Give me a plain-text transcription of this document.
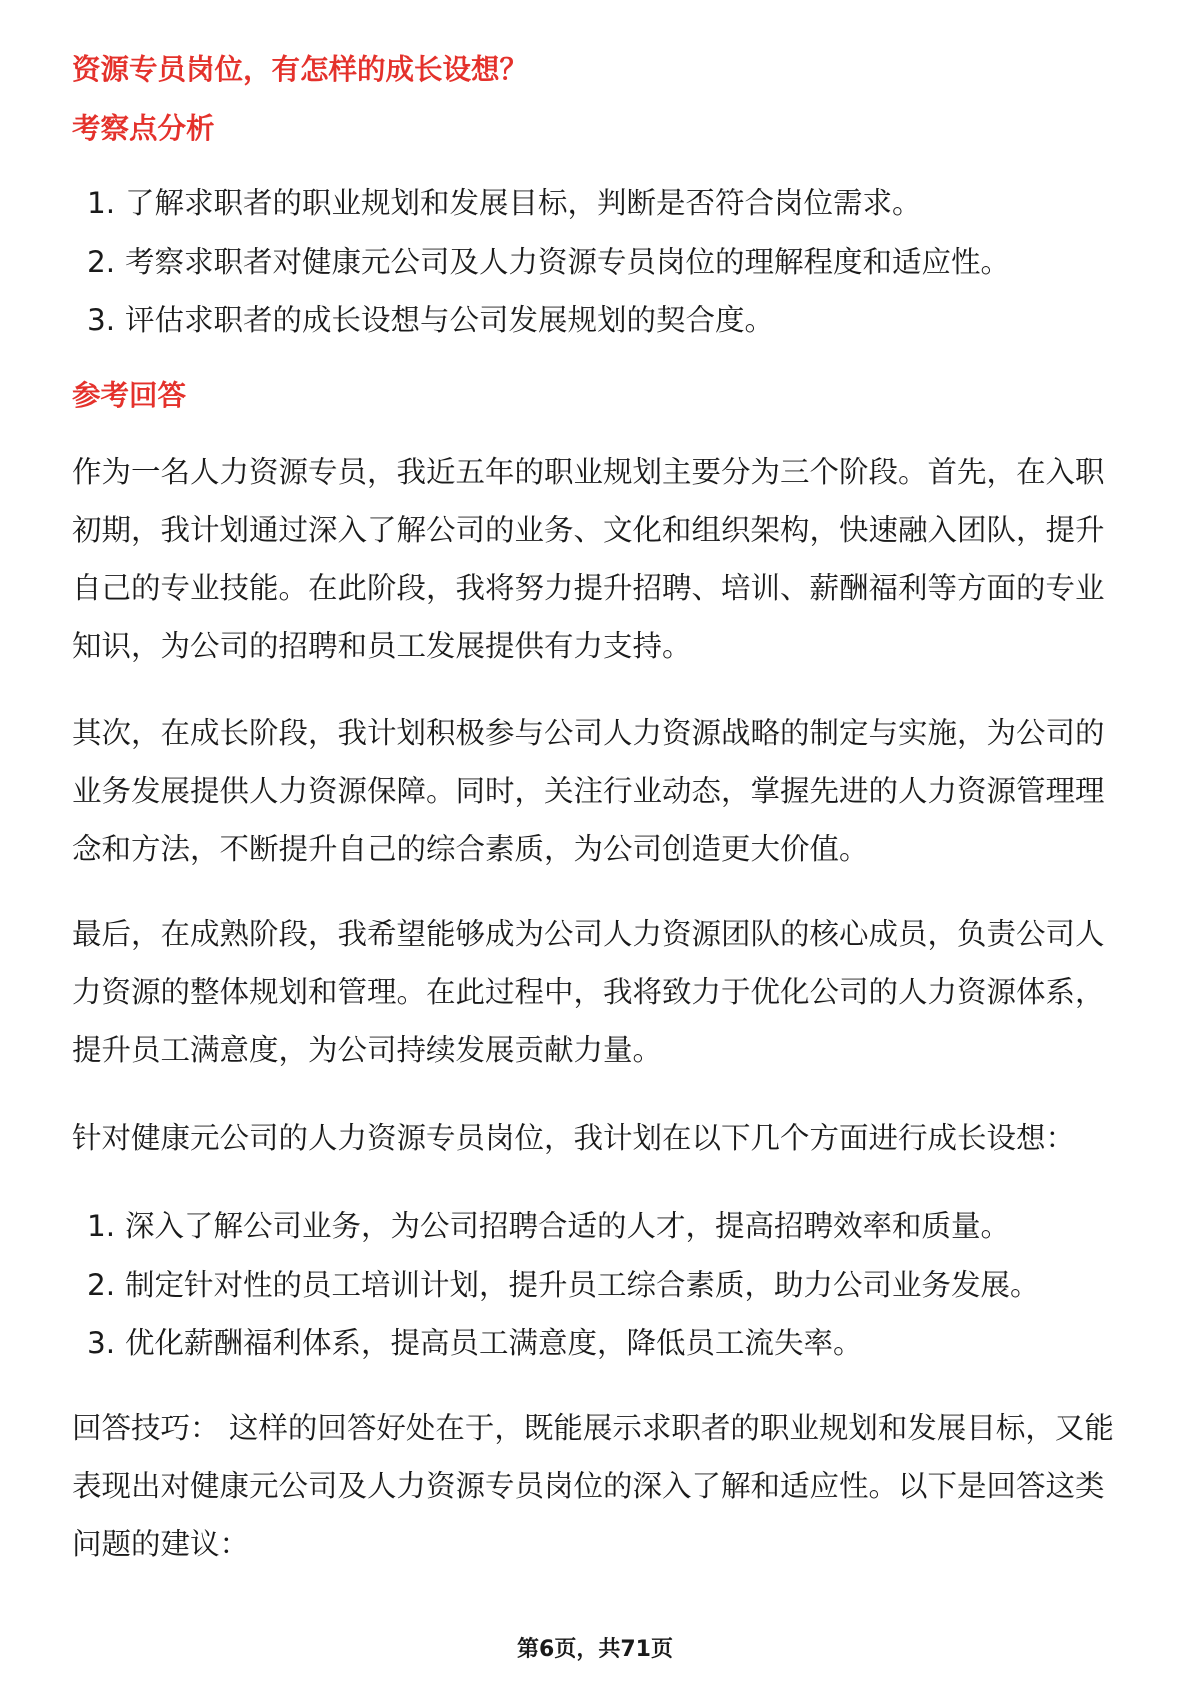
资源专员岗位，有怎样的成长设想？
考察点分析
1. 了解求职者的职业规划和发展目标，判断是否符合岗位需求。
2. 考察求职者对健康元公司及人力资源专员岗位的理解程度和适应性。
3. 评估求职者的成长设想与公司发展规划的契合度。
参考回答

作为一名人力资源专员，我近五年的职业规划主要分为三个阶段。首先，在入职初期，我计划通过深入了解公司的业务、文化和组织架构，快速融入团队，提升自己的专业技能。在此阶段，我将努力提升招聘、培训、薪酬福利等方面的专业知识，为公司的招聘和员工发展提供有力支持。

其次，在成长阶段，我计划积极参与公司人力资源战略的制定与实施，为公司的业务发展提供人力资源保障。同时，关注行业动态，掌握先进的人力资源管理理念和方法，不断提升自己的综合素质，为公司创造更大价值。

最后，在成熟阶段，我希望能够成为公司人力资源团队的核心成员，负责公司人力资源的整体规划和管理。在此过程中，我将致力于优化公司的人力资源体系，提升员工满意度，为公司持续发展贡献力量。

针对健康元公司的人力资源专员岗位，我计划在以下几个方面进行成长设想：

1. 深入了解公司业务，为公司招聘合适的人才，提高招聘效率和质量。
2. 制定针对性的员工培训计划，提升员工综合素质，助力公司业务发展。
3. 优化薪酬福利体系，提高员工满意度，降低员工流失率。

回答技巧： 这样的回答好处在于，既能展示求职者的职业规划和发展目标，又能表现出对健康元公司及人力资源专员岗位的深入了解和适应性。以下是回答这类问题的建议：

第6页，共71页
